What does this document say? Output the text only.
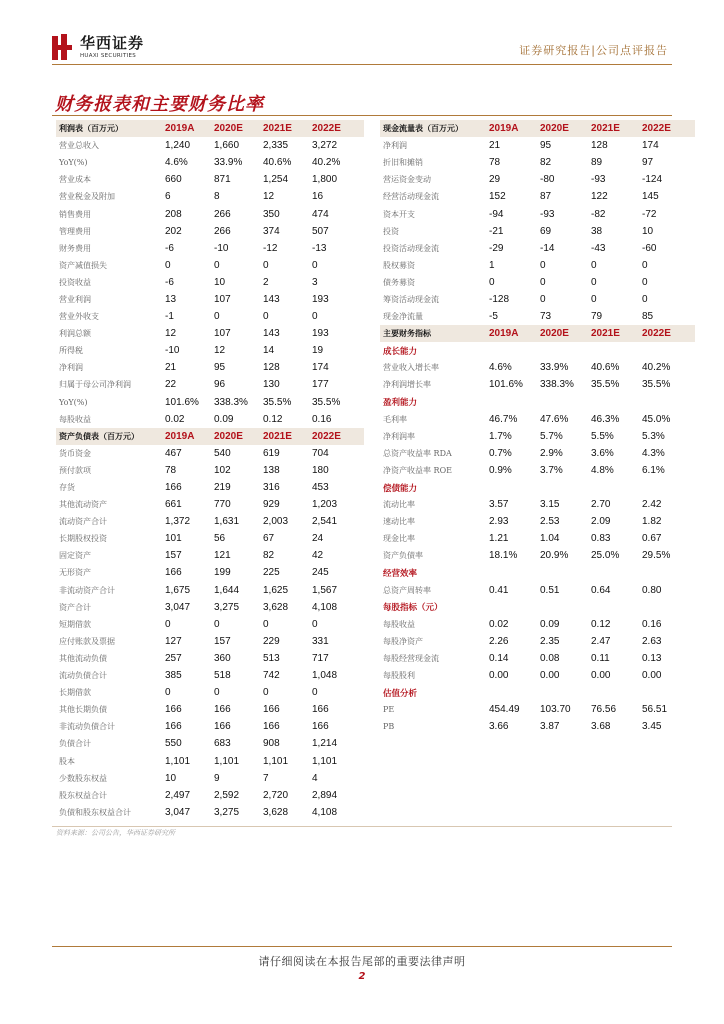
华西证券
HUAXI SECURITIES	证券研究报告|公司点评报告
财务报表和主要财务比率
利润表（百万元）	2019A	2020E	2021E	2022E
营业总收入	1,240	1,660	2,335	3,272
YoY(%)	4.6%	33.9%	40.6%	40.2%
营业成本	660	871	1,254	1,800
营业税金及附加	6	8	12	16
销售费用	208	266	350	474
管理费用	202	266	374	507
财务费用	-6	-10	-12	-13
资产减值损失	0	0	0	0
投资收益	-6	10	2	3
营业利润	13	107	143	193
营业外收支	-1	0	0	0
利润总额	12	107	143	193
所得税	-10	12	14	19
净利润	21	95	128	174
归属于母公司净利润	22	96	130	177
YoY(%)	101.6%	338.3%	35.5%	35.5%
每股收益	0.02	0.09	0.12	0.16
资产负债表（百万元）	2019A	2020E	2021E	2022E
货币资金	467	540	619	704
预付款项	78	102	138	180
存货	166	219	316	453
其他流动资产	661	770	929	1,203
流动资产合计	1,372	1,631	2,003	2,541
长期股权投资	101	56	67	24
固定资产	157	121	82	42
无形资产	166	199	225	245
非流动资产合计	1,675	1,644	1,625	1,567
资产合计	3,047	3,275	3,628	4,108
短期借款	0	0	0	0
应付账款及票据	127	157	229	331
其他流动负债	257	360	513	717
流动负债合计	385	518	742	1,048
长期借款	0	0	0	0
其他长期负债	166	166	166	166
非流动负债合计	166	166	166	166
负债合计	550	683	908	1,214
股本	1,101	1,101	1,101	1,101
少数股东权益	10	9	7	4
股东权益合计	2,497	2,592	2,720	2,894
负债和股东权益合计	3,047	3,275	3,628	4,108
现金流量表（百万元）	2019A	2020E	2021E	2022E
净利润	21	95	128	174
折旧和摊销	78	82	89	97
营运资金变动	29	-80	-93	-124
经营活动现金流	152	87	122	145
资本开支	-94	-93	-82	-72
投资	-21	69	38	10
投资活动现金流	-29	-14	-43	-60
股权募资	1	0	0	0
债务募资	0	0	0	0
筹资活动现金流	-128	0	0	0
现金净流量	-5	73	79	85
主要财务指标	2019A	2020E	2021E	2022E
成长能力				
营业收入增长率	4.6%	33.9%	40.6%	40.2%
净利润增长率	101.6%	338.3%	35.5%	35.5%
盈利能力				
毛利率	46.7%	47.6%	46.3%	45.0%
净利润率	1.7%	5.7%	5.5%	5.3%
总资产收益率 RDA	0.7%	2.9%	3.6%	4.3%
净资产收益率 ROE	0.9%	3.7%	4.8%	6.1%
偿债能力				
流动比率	3.57	3.15	2.70	2.42
速动比率	2.93	2.53	2.09	1.82
现金比率	1.21	1.04	0.83	0.67
资产负债率	18.1%	20.9%	25.0%	29.5%
经营效率				
总资产周转率	0.41	0.51	0.64	0.80
每股指标（元）				
每股收益	0.02	0.09	0.12	0.16
每股净资产	2.26	2.35	2.47	2.63
每股经营现金流	0.14	0.08	0.11	0.13
每股股利	0.00	0.00	0.00	0.00
估值分析				
PE	454.49	103.70	76.56	56.51
PB	3.66	3.87	3.68	3.45
资料来源：公司公告，华西证券研究所
请仔细阅读在本报告尾部的重要法律声明
2
